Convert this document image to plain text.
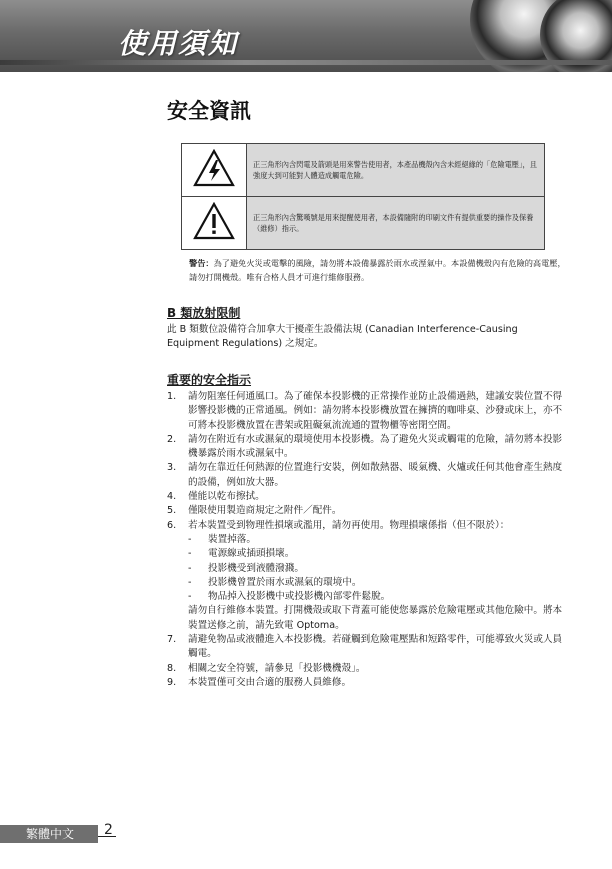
使用須知
安全資訊
	正三角形內含閃電及箭頭是用來警告使用者，本產品機殼內含未經絕緣的「危險電壓」，且強度大到可能對人體造成觸電危險。
	正三角形內含驚嘆號是用來提醒使用者，本設備隨附的印刷文件有提供重要的操作及保養（維修）指示。
警告：為了避免火災或電擊的風險，請勿將本設備暴露於雨水或溼氣中。本設備機殼內有危險的高電壓，請勿打開機殼。唯有合格人員才可進行維修服務。
B 類放射限制

此 B 類數位設備符合加拿大干擾產生設備法規 (Canadian Interference-Causing Equipment Regulations) 之規定。

重要的安全指示
1. 請勿阻塞任何通風口。為了確保本投影機的正常操作並防止設備過熱，建議安裝位置不得影響投影機的正常通風。例如：請勿將本投影機放置在擁擠的咖啡桌、沙發或床上，亦不可將本投影機放置在書架或阻礙氣流流通的置物櫃等密閉空間。
2. 請勿在附近有水或濕氣的環境使用本投影機。為了避免火災或觸電的危險，請勿將本投影機暴露於雨水或濕氣中。
3. 請勿在靠近任何熱源的位置進行安裝，例如散熱器、暖氣機、火爐或任何其他會產生熱度的設備，例如放大器。
4. 僅能以乾布擦拭。
5. 僅限使用製造商規定之附件／配件。
6. 若本裝置受到物理性損壞或濫用，請勿再使用。物理損壞係指（但不限於）：
- 裝置掉落。
- 電源線或插頭損壞。
- 投影機受到液體潑濺。
- 投影機曾置於雨水或濕氣的環境中。
- 物品掉入投影機中或投影機內部零件鬆脫。
請勿自行維修本裝置。打開機殼或取下背蓋可能使您暴露於危險電壓或其他危險中。將本裝置送修之前，請先致電 Optoma。
7. 請避免物品或液體進入本投影機。若碰觸到危險電壓點和短路零件，可能導致火災或人員觸電。
8. 相關之安全符號，請參見「投影機機殼」。
9. 本裝置僅可交由合適的服務人員維修。
繁體中文	2
